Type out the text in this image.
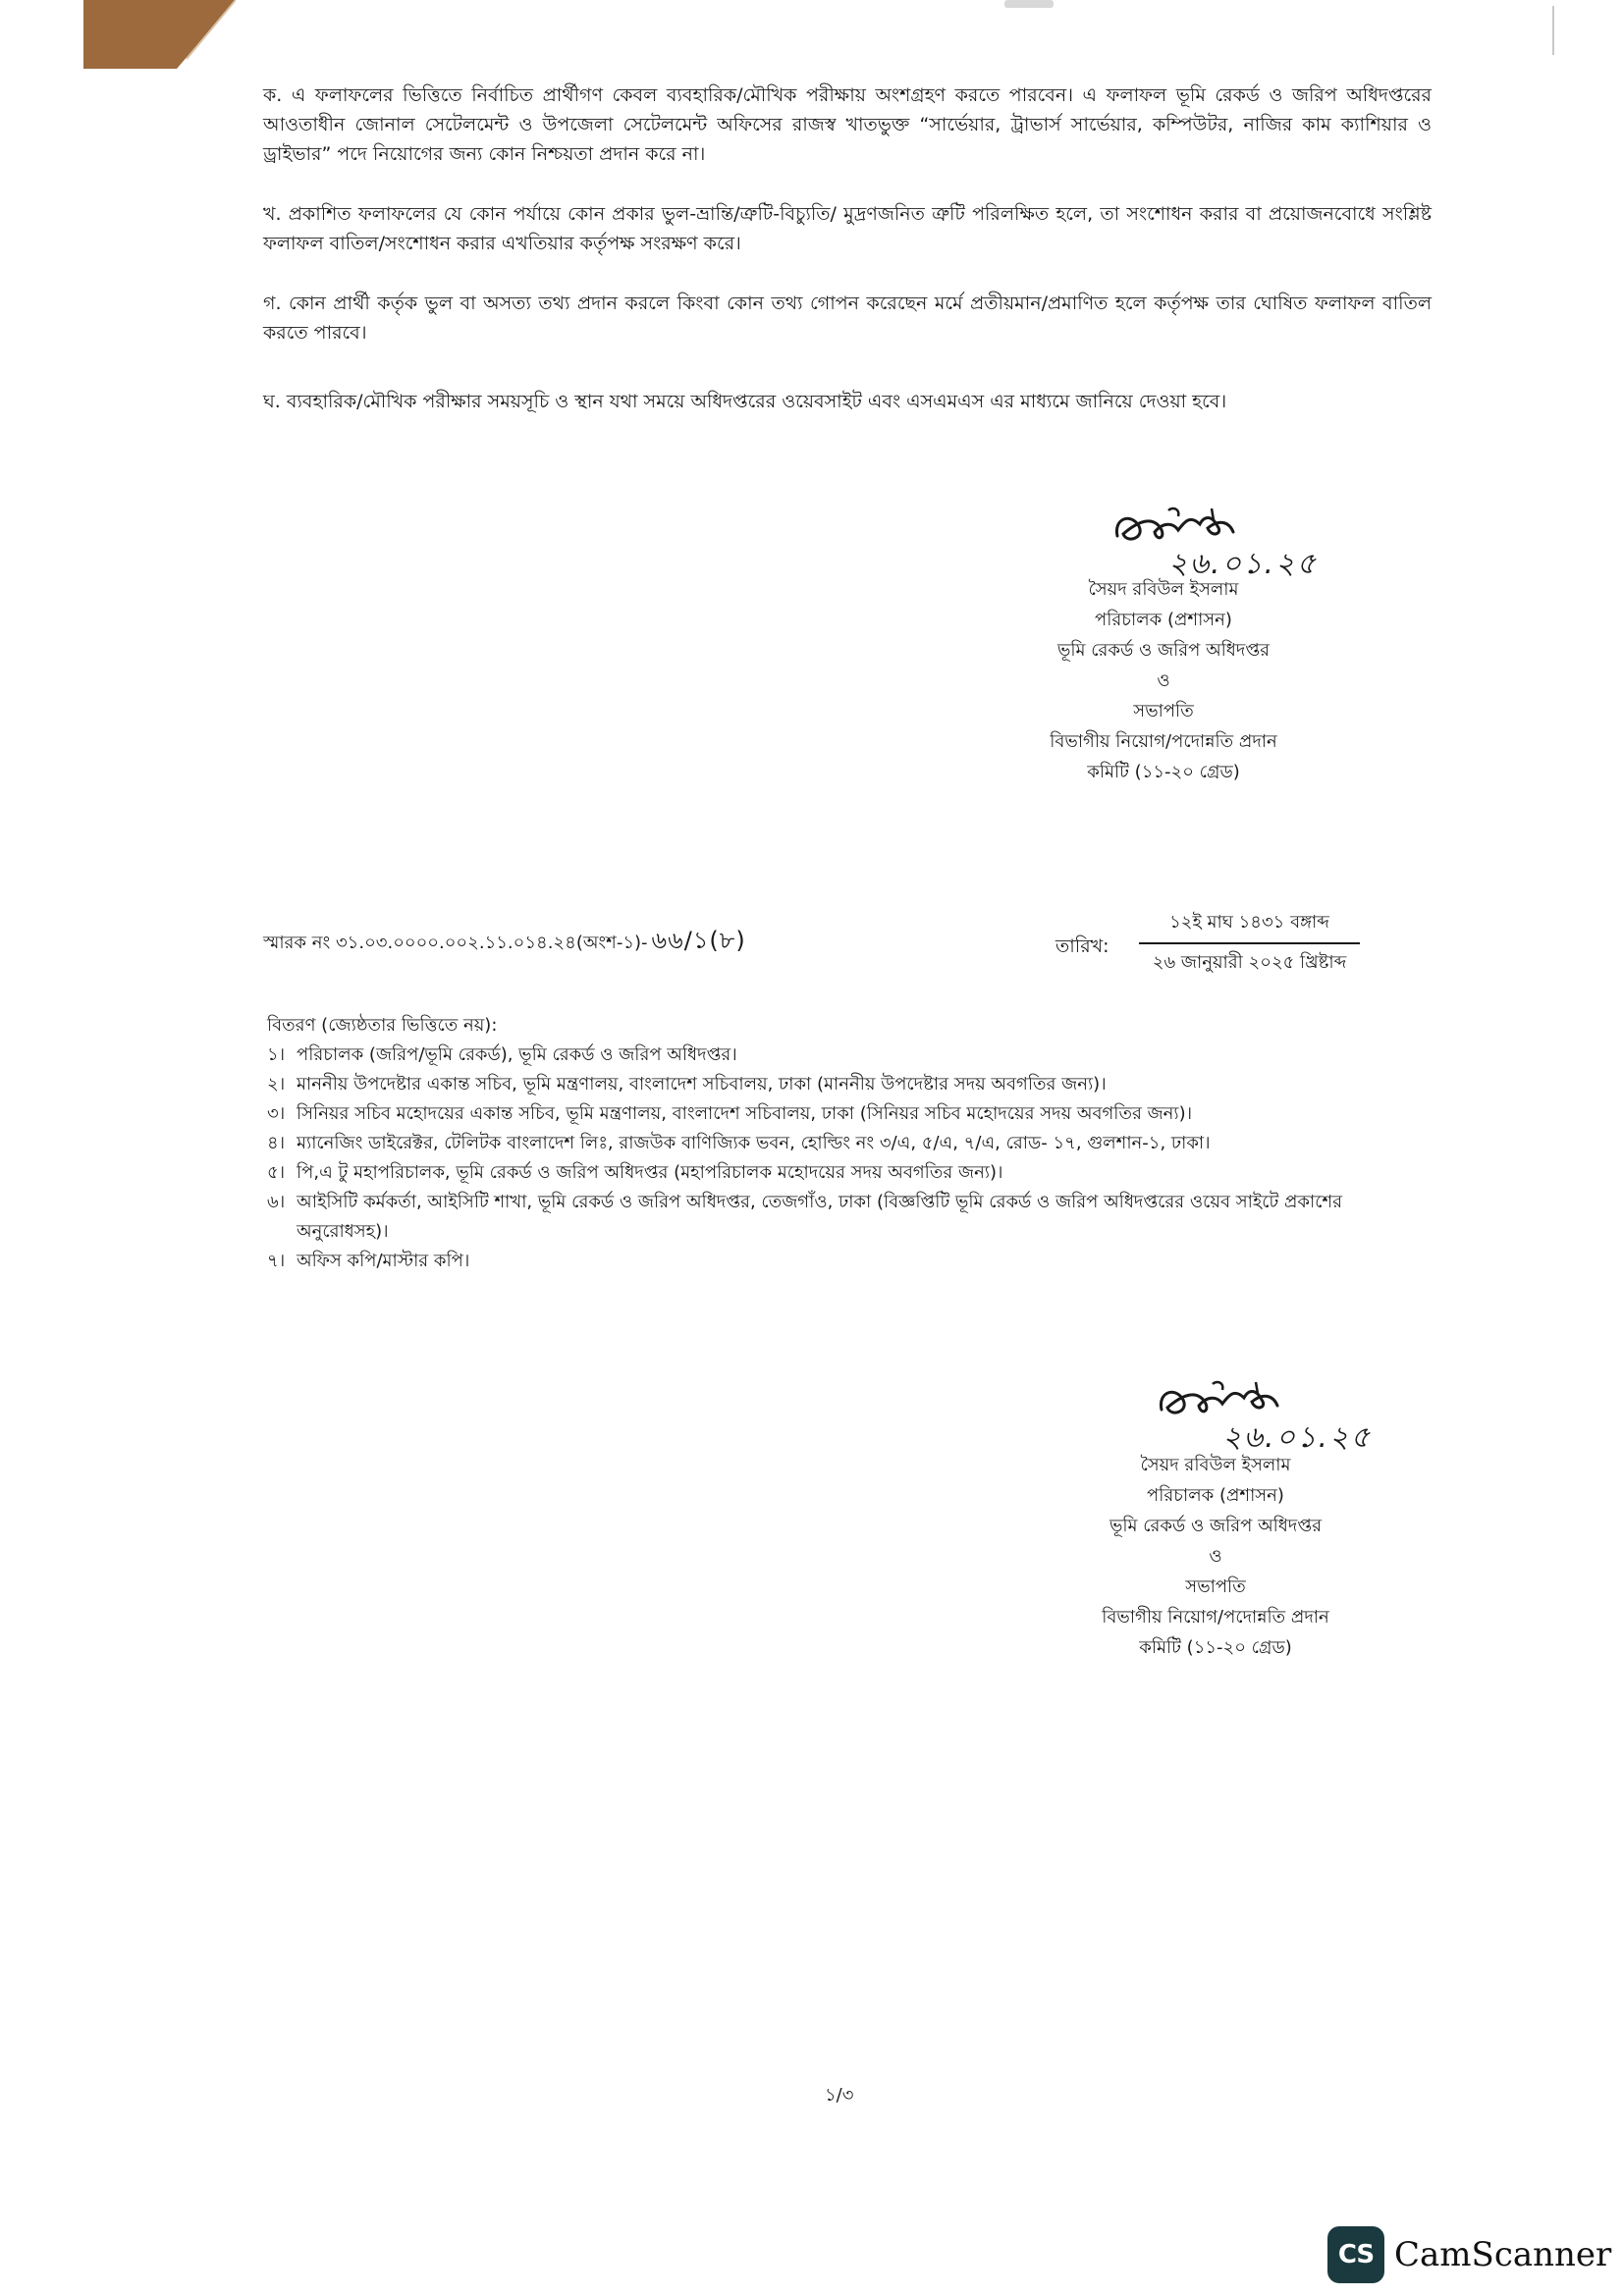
ক. এ ফলাফলের ভিত্তিতে নির্বাচিত প্রার্থীগণ কেবল ব্যবহারিক/মৌখিক পরীক্ষায় অংশগ্রহণ করতে পারবেন। এ ফলাফল ভূমি রেকর্ড ও জরিপ অধিদপ্তরের আওতাধীন জোনাল সেটেলমেন্ট ও উপজেলা সেটেলমেন্ট অফিসের রাজস্ব খাতভুক্ত “সার্ভেয়ার, ট্রাভার্স সার্ভেয়ার, কম্পিউটর, নাজির কাম ক্যাশিয়ার ও ড্রাইভার” পদে নিয়োগের জন্য কোন নিশ্চয়তা প্রদান করে না।

খ. প্রকাশিত ফলাফলের যে কোন পর্যায়ে কোন প্রকার ভুল-ভ্রান্তি/ত্রুটি-বিচ্যুতি/ মুদ্রণজনিত ত্রুটি পরিলক্ষিত হলে, তা সংশোধন করার বা প্রয়োজনবোধে সংশ্লিষ্ট ফলাফল বাতিল/সংশোধন করার এখতিয়ার কর্তৃপক্ষ সংরক্ষণ করে।

গ. কোন প্রার্থী কর্তৃক ভুল বা অসত্য তথ্য প্রদান করলে কিংবা কোন তথ্য গোপন করেছেন মর্মে প্রতীয়মান/প্রমাণিত হলে কর্তৃপক্ষ তার ঘোষিত ফলাফল বাতিল করতে পারবে।

ঘ. ব্যবহারিক/মৌখিক পরীক্ষার সময়সূচি ও স্থান যথা সময়ে অধিদপ্তরের ওয়েবসাইট এবং এসএমএস এর মাধ্যমে জানিয়ে দেওয়া হবে।

২৬.০১.২৫
সৈয়দ রবিউল ইসলাম
পরিচালক (প্রশাসন)
ভূমি রেকর্ড ও জরিপ অধিদপ্তর
ও
সভাপতি
বিভাগীয় নিয়োগ/পদোন্নতি প্রদান
কমিটি (১১-২০ গ্রেড)
স্মারক নং ৩১.০৩.০০০০.০০২.১১.০১৪.২৪(অংশ-১)- ৬৬/১(৮)	তারিখ:
১২ই মাঘ ১৪৩১ বঙ্গাব্দ
২৬ জানুয়ারী ২০২৫ খ্রিষ্টাব্দ
বিতরণ (জ্যেষ্ঠতার ভিত্তিতে নয়):
১। পরিচালক (জরিপ/ভূমি রেকর্ড), ভূমি রেকর্ড ও জরিপ অধিদপ্তর।
২। মাননীয় উপদেষ্টার একান্ত সচিব, ভূমি মন্ত্রণালয়, বাংলাদেশ সচিবালয়, ঢাকা (মাননীয় উপদেষ্টার সদয় অবগতির জন্য)।
৩। সিনিয়র সচিব মহোদয়ের একান্ত সচিব, ভূমি মন্ত্রণালয়, বাংলাদেশ সচিবালয়, ঢাকা (সিনিয়র সচিব মহোদয়ের সদয় অবগতির জন্য)।
৪। ম্যানেজিং ডাইরেক্টর, টেলিটক বাংলাদেশ লিঃ, রাজউক বাণিজ্যিক ভবন, হোল্ডিং নং ৩/এ, ৫/এ, ৭/এ, রোড- ১৭, গুলশান-১, ঢাকা।
৫। পি,এ টু মহাপরিচালক, ভূমি রেকর্ড ও জরিপ অধিদপ্তর (মহাপরিচালক মহোদয়ের সদয় অবগতির জন্য)।
৬। আইসিটি কর্মকর্তা, আইসিটি শাখা, ভূমি রেকর্ড ও জরিপ অধিদপ্তর, তেজগাঁও, ঢাকা (বিজ্ঞপ্তিটি ভূমি রেকর্ড ও জরিপ অধিদপ্তরের ওয়েব সাইটে প্রকাশের অনুরোধসহ)।
৭। অফিস কপি/মাস্টার কপি।
২৬.০১.২৫
সৈয়দ রবিউল ইসলাম
পরিচালক (প্রশাসন)
ভূমি রেকর্ড ও জরিপ অধিদপ্তর
ও
সভাপতি
বিভাগীয় নিয়োগ/পদোন্নতি প্রদান
কমিটি (১১-২০ গ্রেড)
১/৩
CS CamScanner
